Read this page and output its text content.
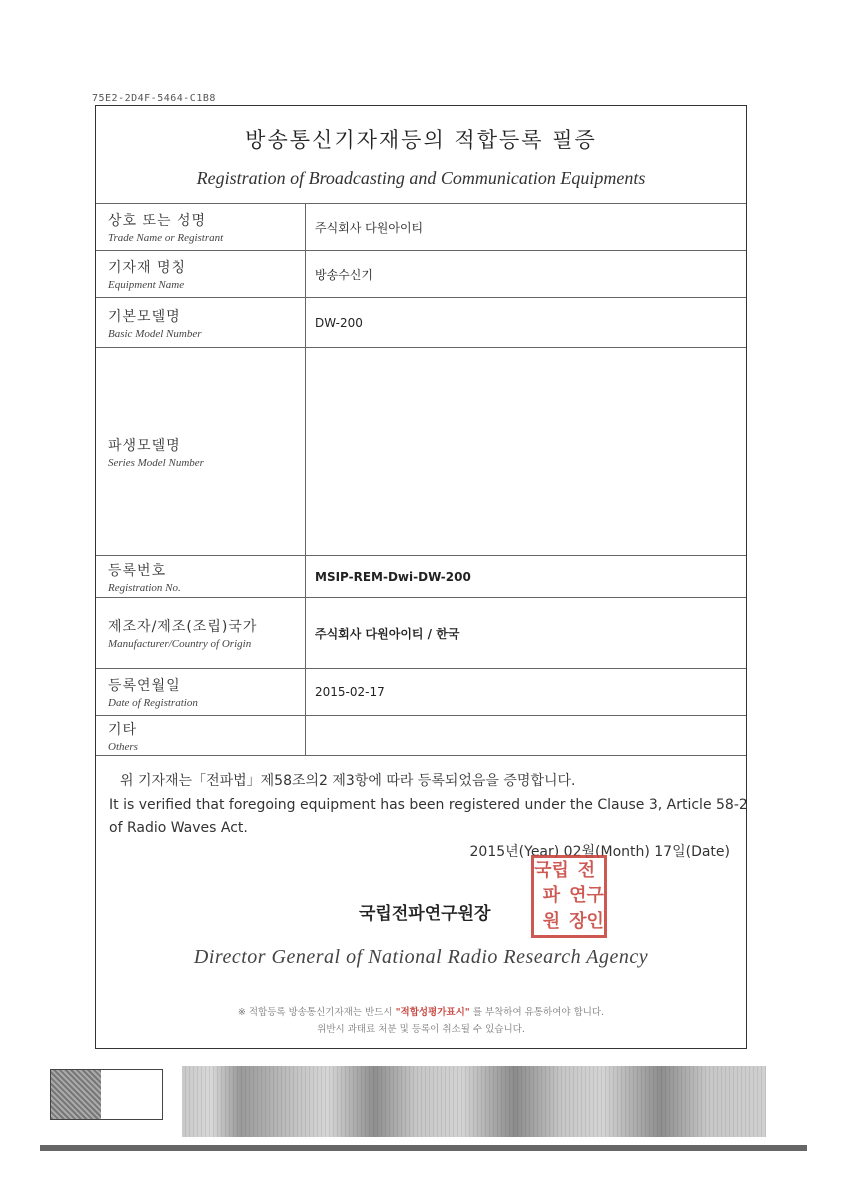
75E2-2D4F-5464-C1B8
방송통신기자재등의 적합등록 필증
Registration of Broadcasting and Communication Equipments
상호 또는 성명
Trade Name or Registrant	주식회사 다원아이티

기자재 명칭
Equipment Name	방송수신기

기본모델명
Basic Model Number	DW-200

파생모델명
Series Model Number	

등록번호
Registration No.	MSIP-REM-Dwi-DW-200

제조자/제조(조립)국가
Manufacturer/Country of Origin	주식회사 다원아이티 / 한국

등록연월일
Date of Registration	2015-02-17

기타
Others	

위 기자재는「전파법」제58조의2 제3항에 따라 등록되었음을 증명합니다.
It is verified that foregoing equipment has been registered under the Clause 3, Article 58-2 of Radio Waves Act.
2015년(Year) 02월(Month) 17일(Date)
국립전파연구원장
국립 전
파 연구
원 장인
Director General of National Radio Research Agency
※ 적합등록 방송통신기자재는 반드시 "적합성평가표시" 를 부착하여 유통하여야 합니다.
위반시 과태료 처분 및 등록이 취소될 수 있습니다.
